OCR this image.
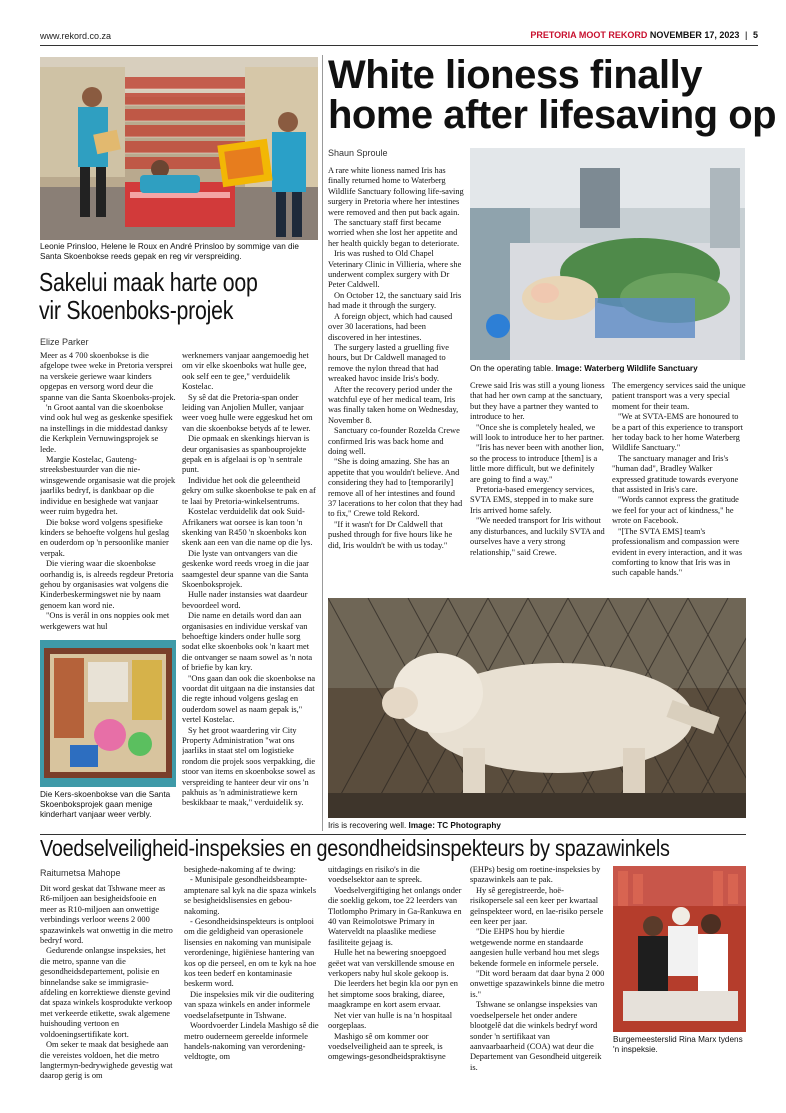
www.rekord.co.za	PRETORIA MOOT REKORD NOVEMBER 17, 2023 | 5
Leonie Prinsloo, Helene le Roux en André Prinsloo by sommige van die Santa Skoenbokse reeds gepak en reg vir verspreiding.
Sakelui maak harte oop
vir Skoenboks-projek
Elize Parker

Meer as 4 700 skoenbokse is die afgelope twee weke in Pretoria versprei na verskeie geriewe waar kinders opgepas en versorg word deur die spanne van die Santa Skoenboks-projek.

'n Groot aantal van die skoenbokse vind ook hul weg as geskenke spesifiek na instellings in die middestad danksy die Kerkplein Vernuwingsprojek se lede.

Margie Kostelac, Gauteng-streeksbestuurder van die nie-winsgewende organisasie wat die projek jaarliks bedryf, is dankbaar op die individue en besighede wat vanjaar weer ruim bygedra het.

Die bokse word volgens spesifieke kinders se behoefte volgens hul geslag en ouderdom op 'n persoonlike manier verpak.

Die viering waar die skoenbokse oorhandig is, is alreeds regdeur Pretoria gehou by organisasies wat volgens die Kinderbeskermingswet nie by naam genoem kan word nie.

"Ons is verál in ons noppies ook met werkgewers wat hul

Die Kers-skoenbokse van die Santa Skoenboksprojek gaan menige kinderhart vanjaar weer verbly.

werknemers vanjaar aangemoedig het om vir elke skoenboks wat hulle gee, ook self een te gee," verduidelik Kostelac.

Sy sê dat die Pretoria-span onder leiding van Anjolien Muller, vanjaar weer voeg hulle were eggeskud het om van die skoenbokse betyds af te lewer.

Die opmaak en skenkings hiervan is deur organisasies as spanbouprojekte gepak en is afgelaai is op 'n sentrale punt.

Individue het ook die geleentheid gekry om sulke skoenbokse te pak en af te laai by Pretoria-winkelsentrums.

Kostelac verduidelik dat ook Suid-Afrikaners wat oorsee is kan toon 'n skenking van R450 'n skoenboks kon skenk aan een van die name op die lys.

Die lyste van ontvangers van die geskenke word reeds vroeg in die jaar saamgestel deur spanne van die Santa Skoenboksprojek.

Hulle nader instansies wat daardeur bevoordeel word.

Die name en details word dan aan organisasies en individue verskaf van behoeftige kinders onder hulle sorg sodat elke skoenboks ook 'n kaart met die ontvanger se naam sowel as 'n nota of briefie by kan kry.

"Ons gaan dan ook die skoenbokse na voordat dit uitgaan na die instansies dat die regte inhoud volgens geslag en ouderdom sowel as naam gepak is," vertel Kostelac.

Sy het groot waardering vir City Property Administration "wat ons jaarliks in staat stel om logistieke rondom die projek soos verpakking, die stoor van items en skoenbokse sowel as verspreiding te hanteer deur vir ons 'n pakhuis as 'n administratiewe kern beskikbaar te maak," verduidelik sy.

White lioness finally
home after lifesaving op
Shaun Sproule

A rare white lioness named Iris has finally returned home to Waterberg Wildlife Sanctuary following life-saving surgery in Pretoria where her intestines were removed and then put back again.

The sanctuary staff first became worried when she lost her appetite and her health quickly began to deteriorate.

Iris was rushed to Old Chapel Veterinary Clinic in Villieria, where she underwent complex surgery with Dr Peter Caldwell.

On October 12, the sanctuary said Iris had made it through the surgery.

A foreign object, which had caused over 30 lacerations, had been discovered in her intestines.

The surgery lasted a gruelling five hours, but Dr Caldwell managed to remove the nylon thread that had wreaked havoc inside Iris's body.

After the recovery period under the watchful eye of her medical team, Iris was finally taken home on Wednesday, November 8.

Sanctuary co-founder Rozelda Crewe confirmed Iris was back home and doing well.

"She is doing amazing. She has an appetite that you wouldn't believe. And considering they had to [temporarily] remove all of her intestines and found 37 lacerations to her colon that they had to fix," Crewe told Rekord.

"If it wasn't for Dr Caldwell that pushed through for five hours like he did, Iris wouldn't be with us today."

On the operating table. Image: Waterberg Wildlife Sanctuary

Crewe said Iris was still a young lioness that had her own camp at the sanctuary, but they have a partner they wanted to introduce to her.

"Once she is completely healed, we will look to introduce her to her partner.

"Iris has never been with another lion, so the process to introduce [them] is a little more difficult, but we definitely are going to find a way."

Pretoria-based emergency services, SVTA EMS, stepped in to make sure Iris arrived home safely.

"We needed transport for Iris without any disturbances, and luckily SVTA and ourselves have a very strong relationship," said Crewe.

The emergency services said the unique patient transport was a very special moment for their team.

"We at SVTA-EMS are honoured to be a part of this experience to transport her today back to her home Waterberg Wildlife Sanctuary."

The sanctuary manager and Iris's "human dad", Bradley Walker expressed gratitude towards everyone that assisted in Iris's care.

"Words cannot express the gratitude we feel for your act of kindness," he wrote on Facebook.

"[The SVTA EMS] team's professionalism and compassion were evident in every interaction, and it was comforting to know that Iris was in such capable hands."

Iris is recovering well. Image: TC Photography
Voedselveiligheid-inspeksies en gesondheidsinspekteurs by spazawinkels
Raitumetsa Mahope

Dit word geskat dat Tshwane meer as R6-miljoen aan besigheidsfooie en meer as R10-miljoen aan onwettige verbindings verloor weens 2 000 spazawinkels wat onwettig in die metro bedryf word.

Gedurende onlangse inspeksies, het die metro, spanne van die gesondheidsdepartement, polisie en binnelandse sake se immigrasie-afdeling en korrektiewe dienste gevind dat spaza winkels kosprodukte verkoop met verkeerde etikette, swak algemene huishouding vertoon en voldoeningsertifikate kort.

Om seker te maak dat besighede aan die vereistes voldoen, het die metro langtermyn-bedrywighede gevestig wat daarop gerig is om

besighede-nakoming af te dwing:

- Munisipale gesondheidsbeampte-amptenare sal kyk na die spaza winkels se besigheidslisensies en gebou-nakoming.

- Gesondheidsinspekteurs is ontplooi om die geldigheid van operasionele lisensies en nakoming van munisipale verordeninge, higiëniese hantering van kos op die perseel, en om te kyk na hoe kos teen bederf en kontaminasie beskerm word.

Die inspeksies mik vir die ouditering van spaza winkels en ander informele voedselafsetpunte in Tshwane.

Woordvoerder Lindela Mashigo sê die metro ouderneem gereelde informele handels-nakoming van verordening-veldtogte, om

uitdagings en risiko's in die voedselsektor aan te spreek.

Voedselvergiftiging het onlangs onder die soeklig gekom, toe 22 leerders van Tlotlompho Primary in Ga-Rankuwa en 40 van Reimolotswe Primary in Waterveldt na plaaslike mediese fasiliteite gejaag is.

Hulle het na bewering snoepgoed geëet wat van verskillende smouse en verkopers naby hul skole gekoop is.

Die leerders het begin kla oor pyn en het simptome soos braking, diaree, maagkrampe en kort asem ervaar.

Net vier van hulle is na 'n hospitaal oorgeplaas.

Mashigo sê om kommer oor voedselveiligheid aan te spreek, is omgewings-gesondheidspraktisyne

(EHPs) besig om roetine-inspeksies by spazawinkels aan te pak.

Hy sê geregistreerde, hoë-risikopersele sal een keer per kwartaal geïnspekteer word, en lae-risiko persele een keer per jaar.

"Die EHPS hou by hierdie wetgewende norme en standaarde aangesien hulle verband hou met slegs bekende formele en informele persele.

"Dit word beraam dat daar byna 2 000 onwettige spazawinkels binne die metro is."

Tshwane se onlangse inspeksies van voedselpersele het onder andere blootgelê dat die winkels bedryf word sonder 'n sertifikaat van aanvaarbaarheid (COA) wat deur die Departement van Gesondheid uitgereik is.

Burgemeesterslid Rina Marx tydens 'n inspeksie.
